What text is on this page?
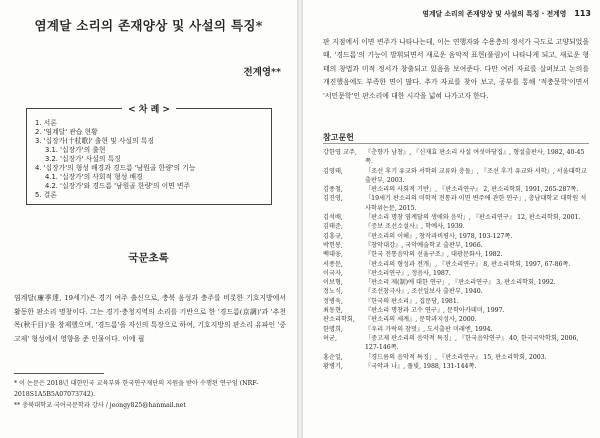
염계달 소리의 존재양상 및 사설의 특징*
전계영**
< 차 례 >
1. 서론
2. '염계달' 관습 현황
3. '십장가(十杖歌)' 출현 및 사설의 특징
3.1. '십장가'의 출현
3.2. '십장가' 사설의 특징
4. '십장가'의 형성 배경과 경드름 '남원골 한량'의 기능
4.1. '십장가'의 사회적 형성 배경
4.2. '십장가'와 경드름 '남원골 한량'의 이면 변주
5. 결론
국문초록
염계달(廉季達, 19세기)은 경기 여주 출신으로, 충북 음성과 충주를 비롯한 기호지방에서 활동한 판소리 명창이다. 그는 경기·충청지역의 소리를 기반으로 한 '경드름(京調)'과 '추천목(秋千目)'을 창제했으며, '경드름'을 자신의 특장으로 하여, 기호지방의 판소리 유파인 '중고제' 형성에서 영향을 준 인물이다. 이에 필
* 이 논문은 2018년 대한민국 교육부와 한국연구재단의 지원을 받아 수행된 연구임 (NRF-2018S1A5B5A07073742).
** 충북대학교 국어국문학과 강사 / jeongy825@hanmail.net
염계달 소리의 존재양상 및 사설의 특징 · 전계영 113
판 지점에서 이면 변주가 나타나는데, 이는 연행자와 수용층의 정서가 극도로 고양되었을 때, '경드름'의 기능이 발휘되면서 새로운 음악적 표현(풀림)이 나타나게 되고, 새로운 형태의 창법과 미적 정서가 창출되고 있음을 보여준다. 다만 여러 자료를 살펴보고 논의를 개진했음에도 부족한 면이 많다. 추가 자료를 찾아 보고, 공부를 통해 '적충문학'이면서 '서민문학'인 판소리에 대한 시각을 넓혀 나가고자 한다.
참고문헌
강한영 교주,	『춘향가 남창』, 『신재효 판소리 사설 여섯마당집』, 형설출판사, 1982, 40-45쪽.
김영태,	「조선 후기 유교와 서학의 교류와 충돌」, 『조선 후기 유교와 서학』, 서울대학교 출판부, 2003.
김종철,	「판소리의 사회적 기반」, 『판소리연구』 2, 판소리학회, 1991, 265-287쪽.
김진영,	「19세기 판소리의 미학적 전통과 이면 변주에 관한 연구」, 충남대학교 대학원 석사학위논문, 2015.
김석배,	「판소리 명창 염계달의 생애와 음악」, 『판소리연구』 12, 판소리학회, 2001.
김태준,	『증보 조선소설사』, 학예사, 1939.
김흥규,	『판소리의 이해』, 창작과비평사, 1978, 103-127쪽.
박헌봉,	『창악대강』, 국악예술학교 출판부, 1966.
백대웅,	『한국 전통음악의 선율구조』, 대광문화사, 1982.
서종문,	「판소리의 형성과 전개」, 『판소리연구』 8, 판소리학회, 1997, 67-86쪽.
이국자,	『판소리연구』, 정음사, 1987.
이보형,	「판소리 제(制)에 대한 연구」, 『판소리연구』 3, 판소리학회, 1992.
정노식,	『조선창극사』, 조선일보사 출판부, 1940.
정병욱,	『한국의 판소리』, 집문당, 1981.
최동현,	『판소리 명창과 고수 연구』, 문학아카데미, 1997.
판소리학회,	『판소리의 세계』, 문학과지성사, 2000.
한명희,	『우리 가락의 참멋』, 도서출판 미래엔, 1994.
허균,	「중고제 판소리의 음악적 특징」, 『한국음악연구』 40, 한국국악학회, 2006, 127-146쪽.
홍순일,	「경드름의 음악적 특징」, 『판소리연구』 15, 판소리학회, 2003.
황병기,	『국악과 나』, 풀빛, 1988, 131-144쪽.
